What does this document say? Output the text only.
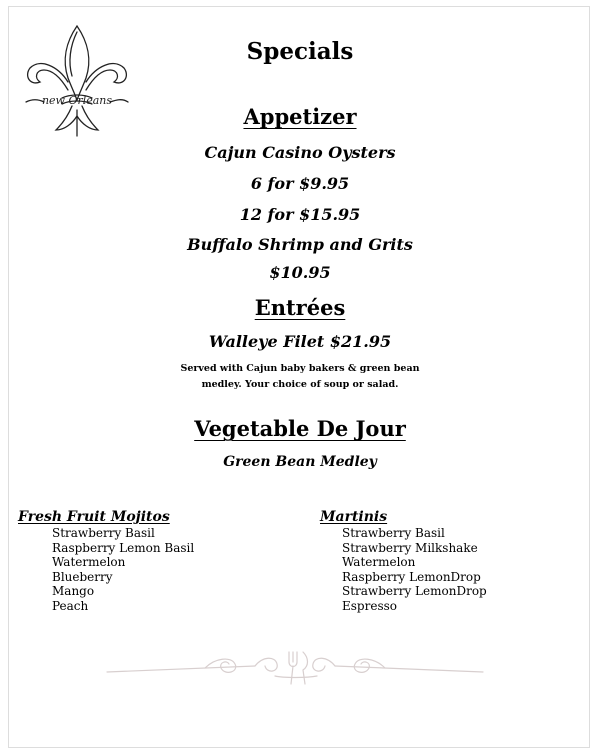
new Orleans
Specials
Appetizer
Cajun Casino Oysters
6 for $9.95
12 for $15.95
Buffalo Shrimp and Grits
$10.95
Entrées
Walleye Filet $21.95
Served with Cajun baby bakers & green bean
medley. Your choice of soup or salad.
Vegetable De Jour
Green Bean Medley
Fresh Fruit Mojitos
Strawberry Basil
Raspberry Lemon Basil
Watermelon
Blueberry
Mango
Peach
Martinis
Strawberry Basil
Strawberry Milkshake
Watermelon
Raspberry LemonDrop
Strawberry LemonDrop
Espresso
